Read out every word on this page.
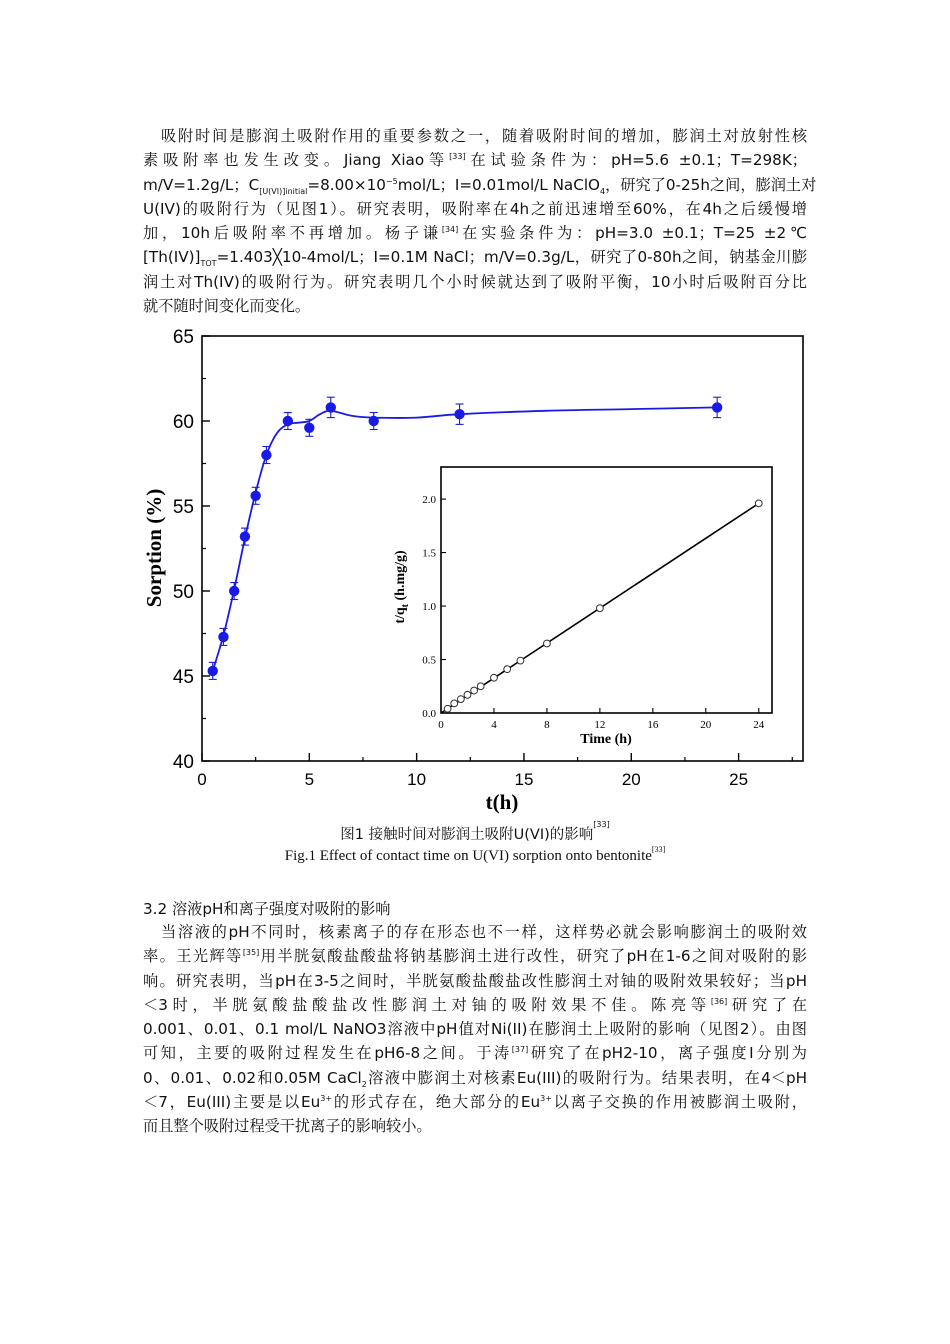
吸附时间是膨润土吸附作用的重要参数之一，随着吸附时间的增加，膨润土对放射性核
素吸附率也发生改变。Jiang Xiao等[33]在试验条件为：pH=5.6 ±0.1；T=298K；
m/V=1.2g/L；$C_{[U(VI)]initial}=8.00\times 10^{-5}mol/L$；I=0.01mol/L NaClO$_4$，研究了0-25h之间，膨润土对
U(IV)的吸附行为（见图1）。研究表明，吸附率在4h之前迅速增至60%，在4h之后缓慢增
加，10h后吸附率不再增加。杨子谦[34]在实验条件为：pH=3.0 ±0.1；T=25 ±2℃
$[Th(IV)]_{TOT}=1.403╳10-4mol/L$；I=0.1M NaCl；m/V=0.3g/L，研究了0-80h之间，钠基金川膨
润土对Th(IV)的吸附行为。研究表明几个小时候就达到了吸附平衡，10小时后吸附百分比
就不随时间变化而变化。
0	5	10	15	20	25
40
45
50
55
60
65
t(h)
Sorption (%)
0	4	8	12	16	20	24
0.0
0.5
1.0
1.5
2.0
Time (h)
$t/q_t$ (h.mg/g)
图1 接触时间对膨润土吸附U(VI)的影响[33]
Fig.1 Effect of contact time on U(VI) sorption onto bentonite[33]
3.2 溶液pH和离子强度对吸附的影响
当溶液的pH不同时，核素离子的存在形态也不一样，这样势必就会影响膨润土的吸附效
率。王光辉等[35]用半胱氨酸盐酸盐将钠基膨润土进行改性，研究了pH在1-6之间对吸附的影
响。研究表明，当pH在3-5之间时，半胱氨酸盐酸盐改性膨润土对铀的吸附效果较好；当pH
＜3时，半胱氨酸盐酸盐改性膨润土对铀的吸附效果不佳。陈亮等[36]研究了在
0.001、0.01、0.1 mol/L NaNO3溶液中pH值对Ni(II)在膨润土上吸附的影响（见图2）。由图
可知，主要的吸附过程发生在pH6-8之间。于涛[37]研究了在pH2-10，离子强度I分别为
0、0.01、0.02和0.05M CaCl$_2$溶液中膨润土对核素Eu(III)的吸附行为。结果表明，在4＜pH
＜7，Eu(III)主要是以$Eu^{3+}$的形式存在，绝大部分的$Eu^{3+}$以离子交换的作用被膨润土吸附，
而且整个吸附过程受干扰离子的影响较小。
